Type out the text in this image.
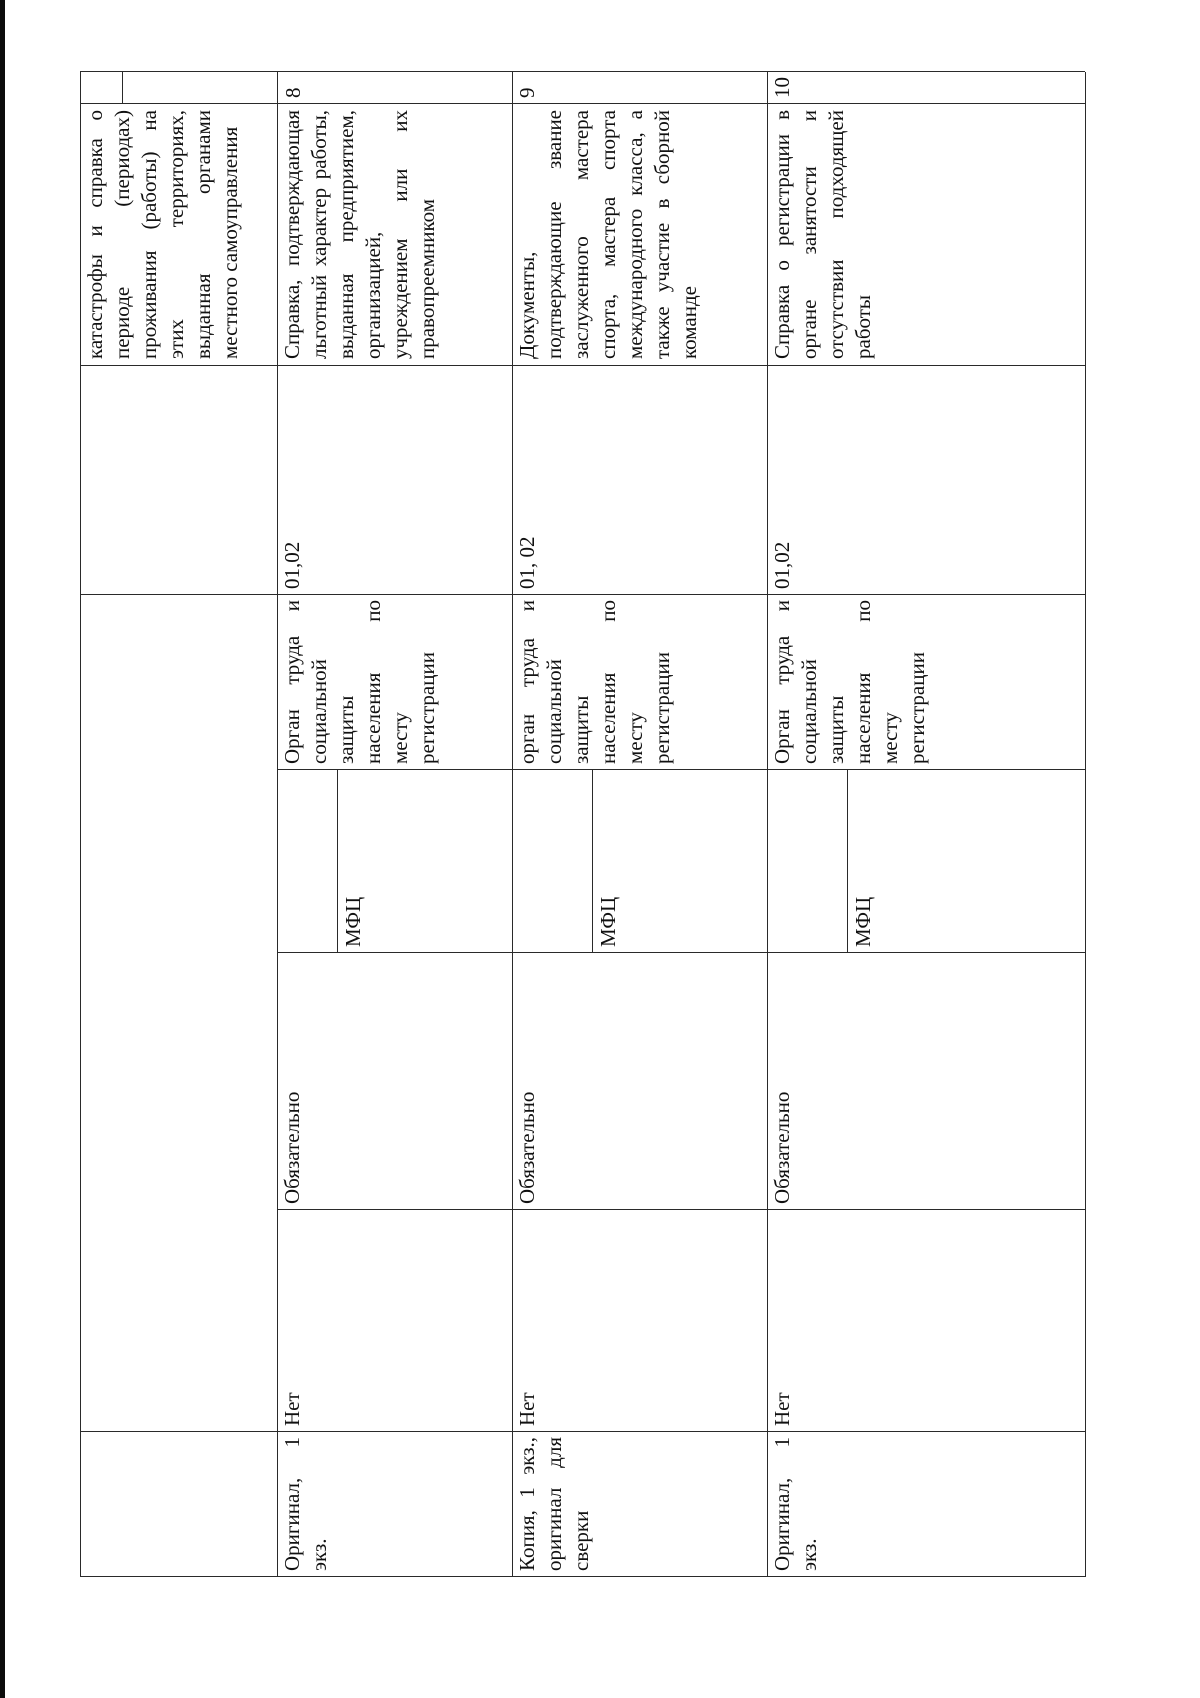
катастрофы и справка о периоде (периодах) проживания (работы) на этих территориях, выданная органами местного самоуправления
8
Справка, подтверждающая льготный характер работы, выданная предприятием, организацией, учреждением или их правопреемником
01,02
Орган труда и социальной защиты населения по месту регистрации
МФЦ
Обязательно
Нет
Оригинал, 1 экз.
9
Документы, подтверждающие звание заслуженного мастера спорта, мастера спорта международного класса, а также участие в сборной команде
01, 02
орган труда и социальной защиты населения по месту регистрации
МФЦ
Обязательно
Нет
Копия, 1 экз., оригинал для сверки
10
Справка о регистрации в органе занятости и отсутствии подходящей работы
01,02
Орган труда и социальной защиты населения по месту регистрации
МФЦ
Обязательно
Нет
Оригинал, 1 экз.
